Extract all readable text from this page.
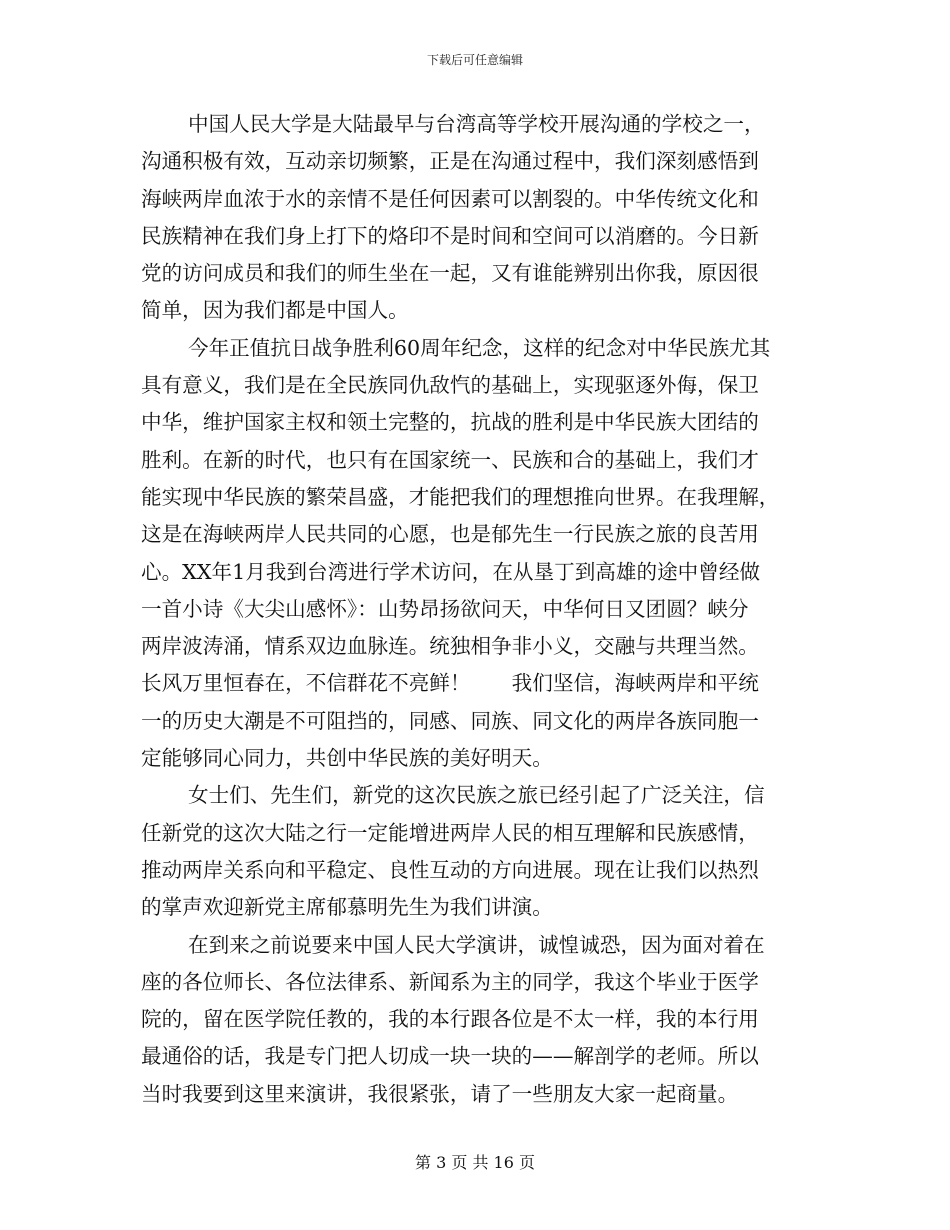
下载后可任意编辑
中国人民大学是大陆最早与台湾高等学校开展沟通的学校之一，
沟通积极有效，互动亲切频繁，正是在沟通过程中，我们深刻感悟到
海峡两岸血浓于水的亲情不是任何因素可以割裂的。中华传统文化和
民族精神在我们身上打下的烙印不是时间和空间可以消磨的。今日新
党的访问成员和我们的师生坐在一起，又有谁能辨别出你我，原因很
简单，因为我们都是中国人。
今年正值抗日战争胜利60周年纪念，这样的纪念对中华民族尤其
具有意义，我们是在全民族同仇敌忾的基础上，实现驱逐外侮，保卫
中华，维护国家主权和领土完整的，抗战的胜利是中华民族大团结的
胜利。在新的时代，也只有在国家统一、民族和合的基础上，我们才
能实现中华民族的繁荣昌盛，才能把我们的理想推向世界。在我理解，
这是在海峡两岸人民共同的心愿，也是郁先生一行民族之旅的良苦用
心。XX年1月我到台湾进行学术访问，在从垦丁到高雄的途中曾经做
一首小诗《大尖山感怀》：山势昂扬欲问天，中华何日又团圆？峡分
两岸波涛涌，情系双边血脉连。统独相争非小义，交融与共理当然。
长风万里恒春在，不信群花不亮鲜！　　我们坚信，海峡两岸和平统
一的历史大潮是不可阻挡的，同感、同族、同文化的两岸各族同胞一
定能够同心同力，共创中华民族的美好明天。
女士们、先生们，新党的这次民族之旅已经引起了广泛关注，信
任新党的这次大陆之行一定能增进两岸人民的相互理解和民族感情，
推动两岸关系向和平稳定、良性互动的方向进展。现在让我们以热烈
的掌声欢迎新党主席郁慕明先生为我们讲演。
在到来之前说要来中国人民大学演讲，诚惶诚恐，因为面对着在
座的各位师长、各位法律系、新闻系为主的同学，我这个毕业于医学
院的，留在医学院任教的，我的本行跟各位是不太一样，我的本行用
最通俗的话，我是专门把人切成一块一块的——解剖学的老师。所以
当时我要到这里来演讲，我很紧张，请了一些朋友大家一起商量。
第 3 页 共 16 页
